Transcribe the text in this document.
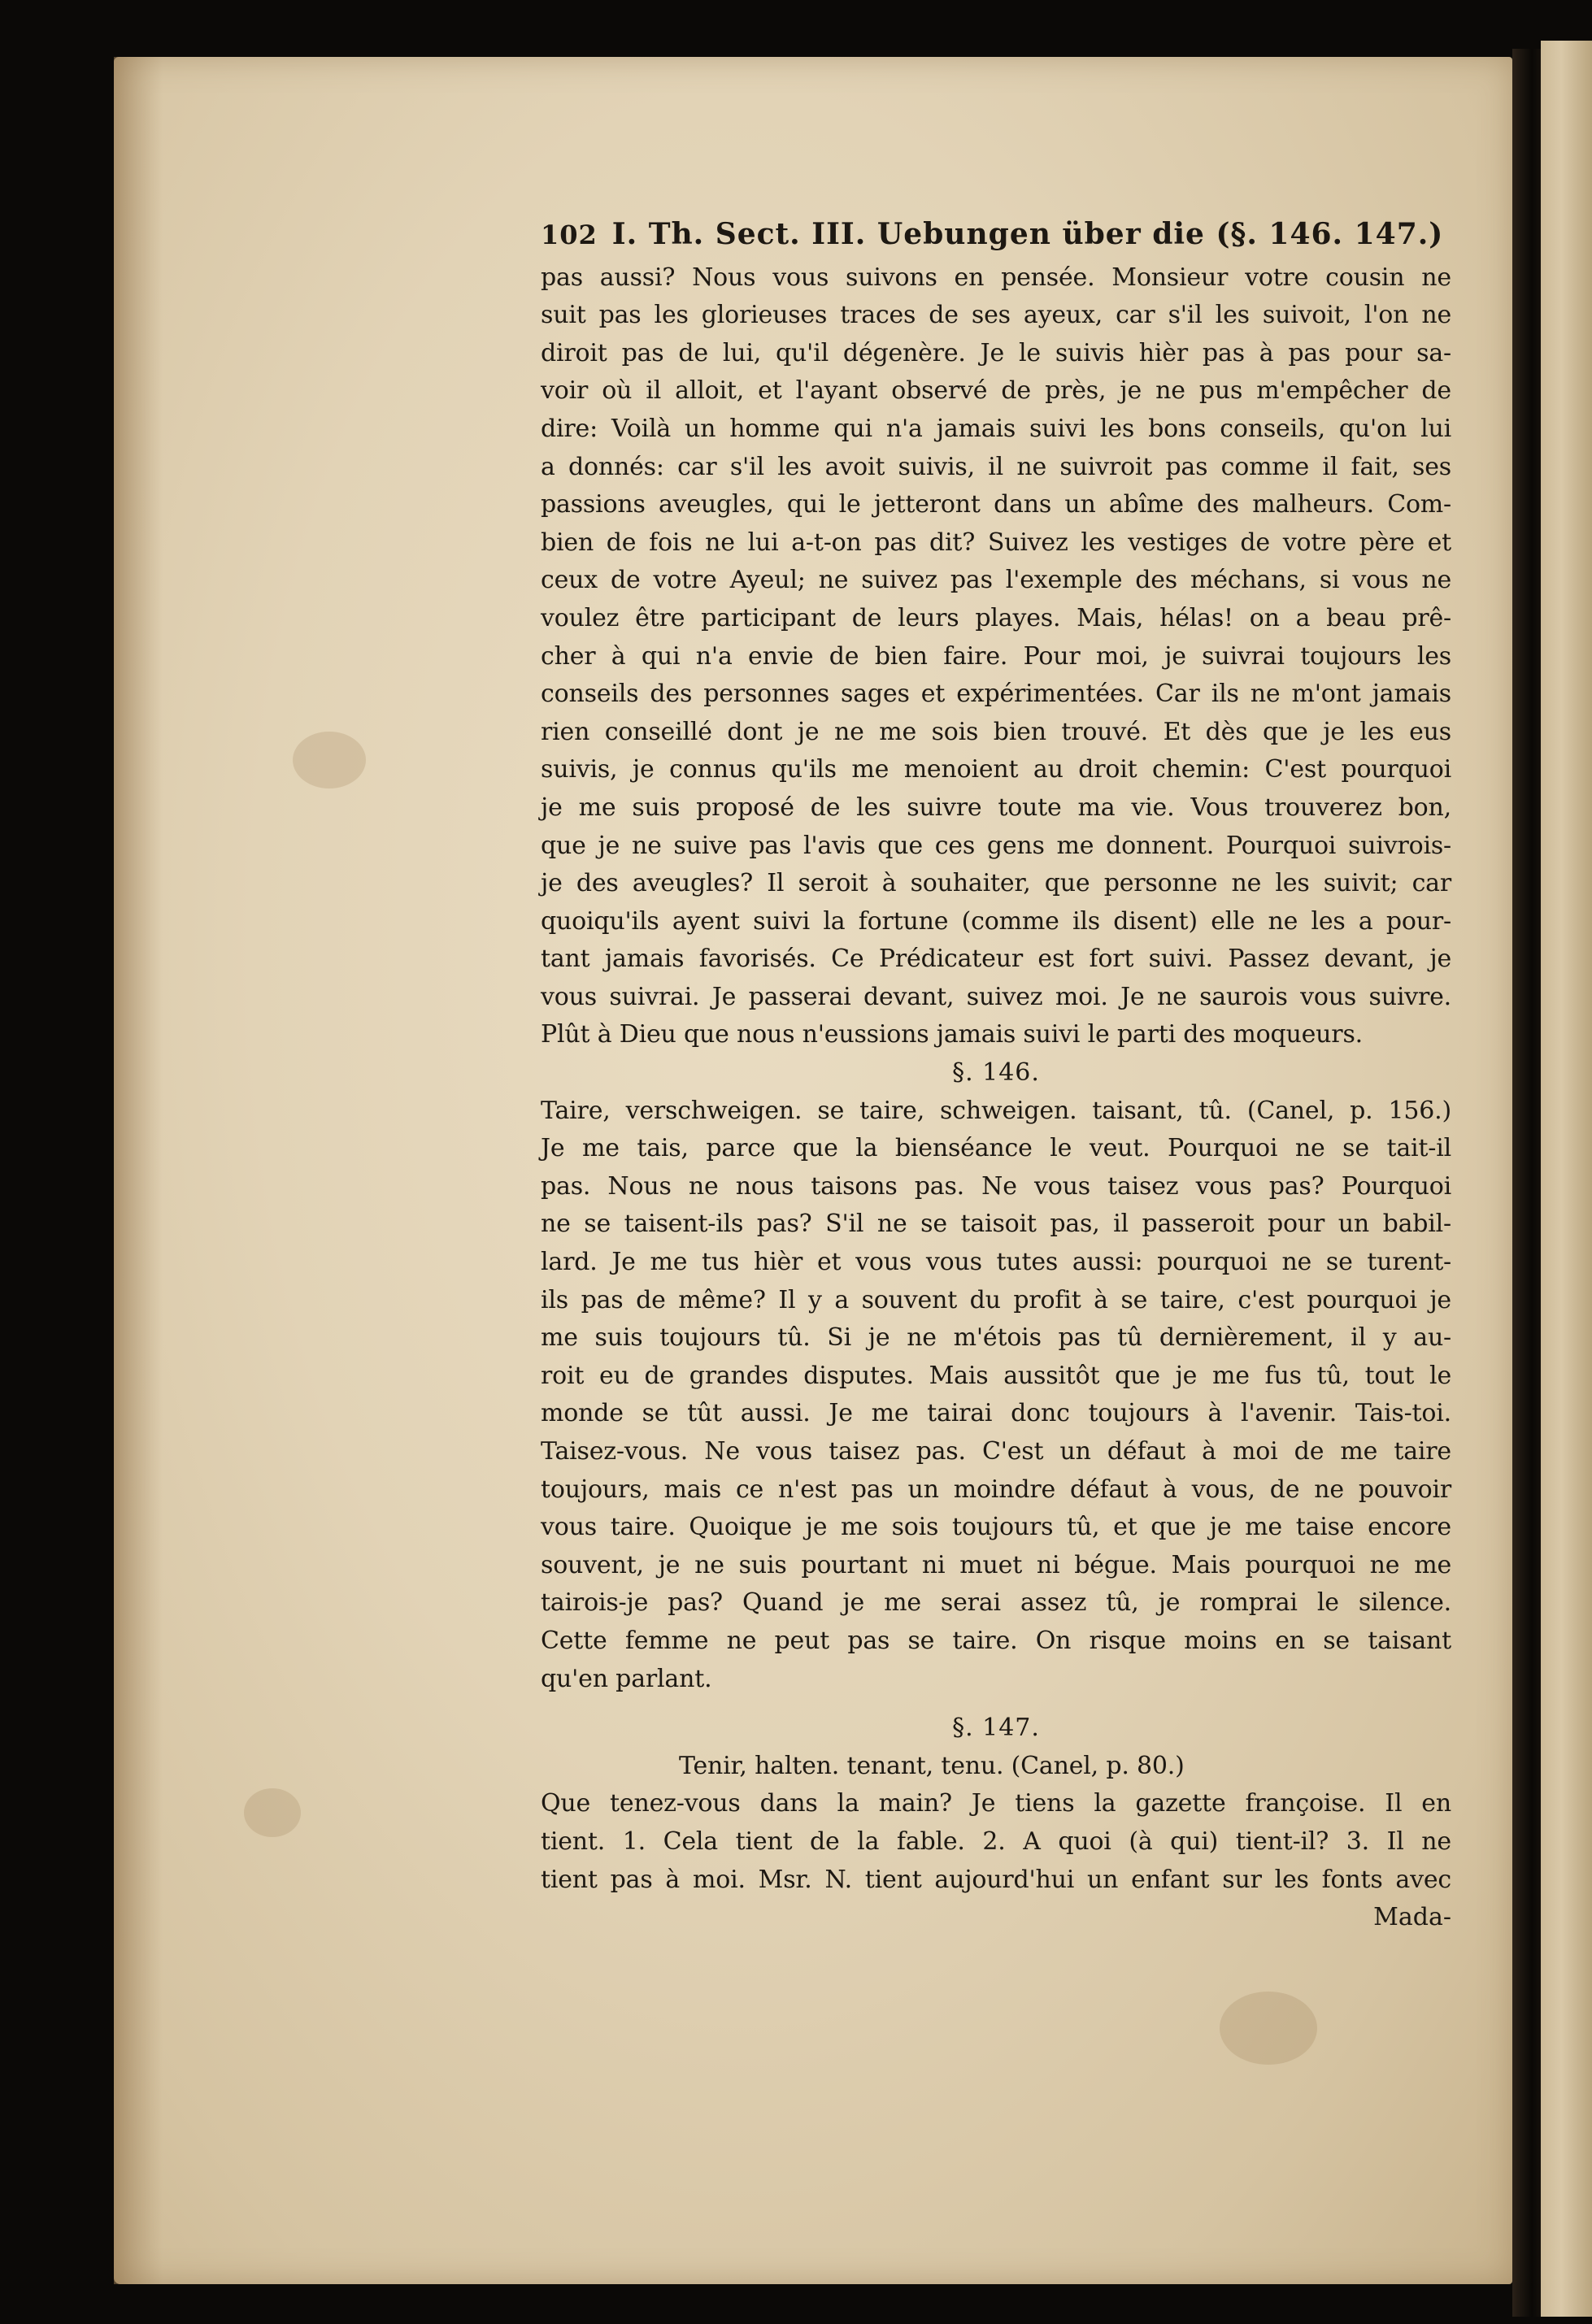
102 I. Th. Sect. III. Uebungen über die (§. 146. 147.)
pas aussi? Nous vous suivons en pensée. Monsieur votre cousin ne
suit pas les glorieuses traces de ses ayeux, car s'il les suivoit, l'on ne
diroit pas de lui, qu'il dégenère. Je le suivis hièr pas à pas pour sa-
voir où il alloit, et l'ayant observé de près, je ne pus m'empêcher de
dire: Voilà un homme qui n'a jamais suivi les bons conseils, qu'on lui
a donnés: car s'il les avoit suivis, il ne suivroit pas comme il fait, ses
passions aveugles, qui le jetteront dans un abîme des malheurs. Com-
bien de fois ne lui a-t-on pas dit? Suivez les vestiges de votre père et
ceux de votre Ayeul; ne suivez pas l'exemple des méchans, si vous ne
voulez être participant de leurs playes. Mais, hélas! on a beau prê-
cher à qui n'a envie de bien faire. Pour moi, je suivrai toujours les
conseils des personnes sages et expérimentées. Car ils ne m'ont jamais
rien conseillé dont je ne me sois bien trouvé. Et dès que je les eus
suivis, je connus qu'ils me menoient au droit chemin: C'est pourquoi
je me suis proposé de les suivre toute ma vie. Vous trouverez bon,
que je ne suive pas l'avis que ces gens me donnent. Pourquoi suivrois-
je des aveugles? Il seroit à souhaiter, que personne ne les suivit; car
quoiqu'ils ayent suivi la fortune (comme ils disent) elle ne les a pour-
tant jamais favorisés. Ce Prédicateur est fort suivi. Passez devant, je
vous suivrai. Je passerai devant, suivez moi. Je ne saurois vous suivre.
Plût à Dieu que nous n'eussions jamais suivi le parti des moqueurs.
§. 146.
Taire, verschweigen. se taire, schweigen. taisant, tû. (Canel, p. 156.)
Je me tais, parce que la bienséance le veut. Pourquoi ne se tait-il
pas. Nous ne nous taisons pas. Ne vous taisez vous pas? Pourquoi
ne se taisent-ils pas? S'il ne se taisoit pas, il passeroit pour un babil-
lard. Je me tus hièr et vous vous tutes aussi: pourquoi ne se turent-
ils pas de même? Il y a souvent du profit à se taire, c'est pourquoi je
me suis toujours tû. Si je ne m'étois pas tû dernièrement, il y au-
roit eu de grandes disputes. Mais aussitôt que je me fus tû, tout le
monde se tût aussi. Je me tairai donc toujours à l'avenir. Tais-toi.
Taisez-vous. Ne vous taisez pas. C'est un défaut à moi de me taire
toujours, mais ce n'est pas un moindre défaut à vous, de ne pouvoir
vous taire. Quoique je me sois toujours tû, et que je me taise encore
souvent, je ne suis pourtant ni muet ni bégue. Mais pourquoi ne me
tairois-je pas? Quand je me serai assez tû, je romprai le silence.
Cette femme ne peut pas se taire. On risque moins en se taisant
qu'en parlant.
§. 147.
Tenir, halten. tenant, tenu. (Canel, p. 80.)
Que tenez-vous dans la main? Je tiens la gazette françoise. Il en
tient. 1. Cela tient de la fable. 2. A quoi (à qui) tient-il? 3. Il ne
tient pas à moi. Msr. N. tient aujourd'hui un enfant sur les fonts avec
Mada-
